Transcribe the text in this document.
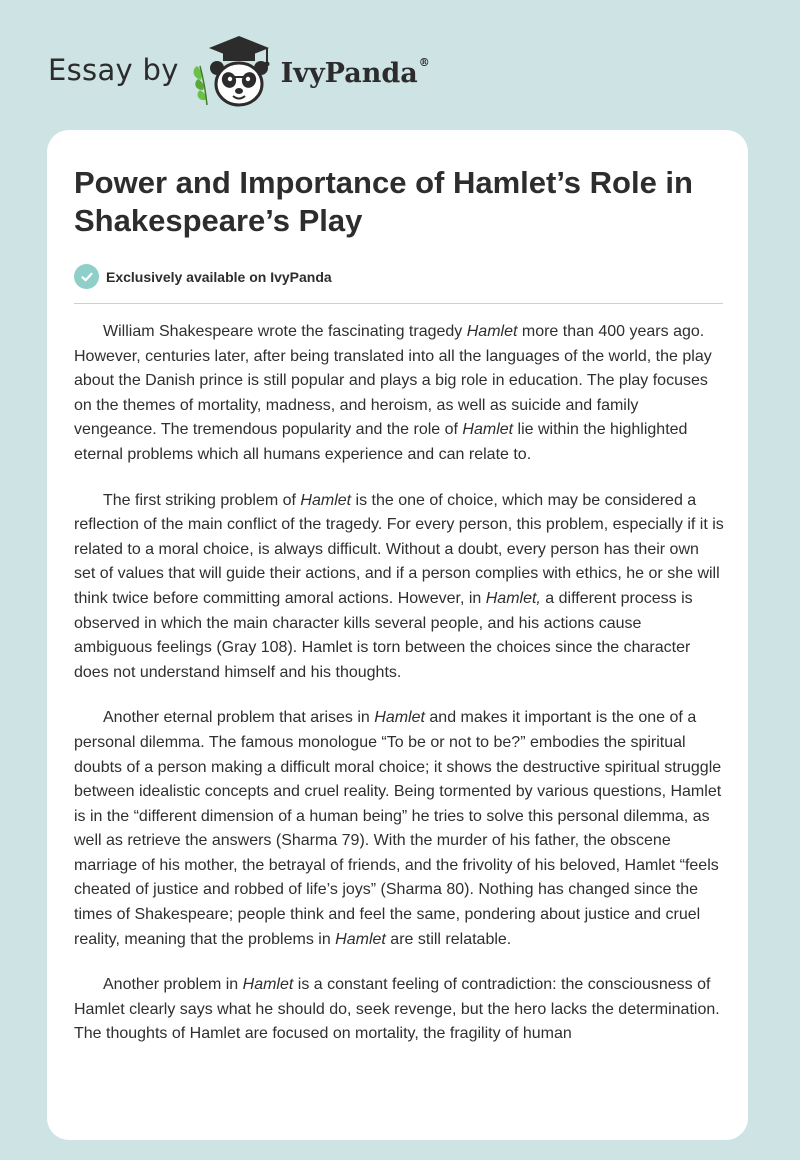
Essay by	IvyPanda®
Power and Importance of Hamlet’s Role in Shakespeare’s Play
Exclusively available on IvyPanda

William Shakespeare wrote the fascinating tragedy Hamlet more than 400 years ago. However, centuries later, after being translated into all the languages of the world, the play about the Danish prince is still popular and plays a big role in education. The play focuses on the themes of mortality, madness, and heroism, as well as suicide and family vengeance. The tremendous popularity and the role of Hamlet lie within the highlighted eternal problems which all humans experience and can relate to.

The first striking problem of Hamlet is the one of choice, which may be considered a reflection of the main conflict of the tragedy. For every person, this problem, especially if it is related to a moral choice, is always difficult. Without a doubt, every person has their own set of values that will guide their actions, and if a person complies with ethics, he or she will think twice before committing amoral actions. However, in Hamlet, a different process is observed in which the main character kills several people, and his actions cause ambiguous feelings (Gray 108). Hamlet is torn between the choices since the character does not understand himself and his thoughts.

Another eternal problem that arises in Hamlet and makes it important is the one of a personal dilemma. The famous monologue “To be or not to be?” embodies the spiritual doubts of a person making a difficult moral choice; it shows the destructive spiritual struggle between idealistic concepts and cruel reality. Being tormented by various questions, Hamlet is in the “different dimension of a human being” he tries to solve this personal dilemma, as well as retrieve the answers (Sharma 79). With the murder of his father, the obscene marriage of his mother, the betrayal of friends, and the frivolity of his beloved, Hamlet “feels cheated of justice and robbed of life’s joys” (Sharma 80). Nothing has changed since the times of Shakespeare; people think and feel the same, pondering about justice and cruel reality, meaning that the problems in Hamlet are still relatable.

Another problem in Hamlet is a constant feeling of contradiction: the consciousness of Hamlet clearly says what he should do, seek revenge, but the hero lacks the determination. The thoughts of Hamlet are focused on mortality, the fragility of human
